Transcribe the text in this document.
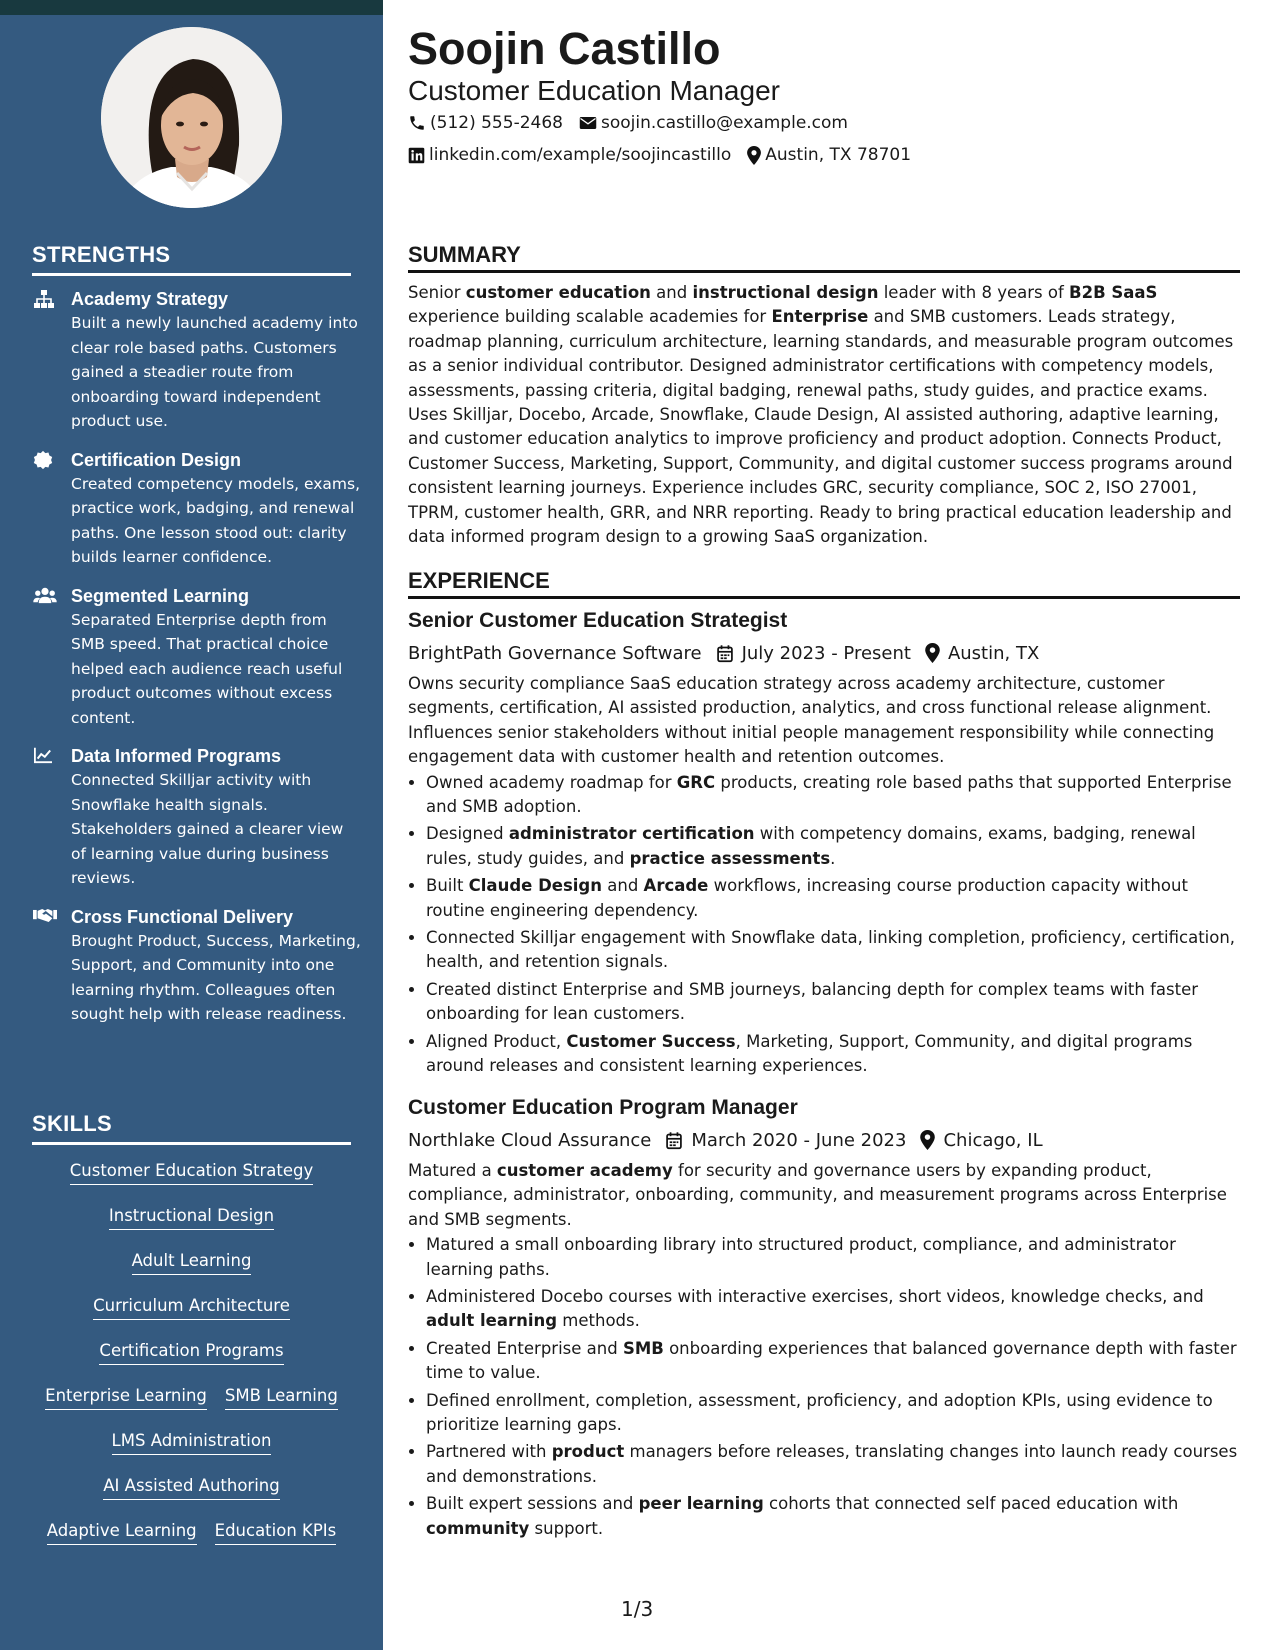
STRENGTHS
Academy Strategy
Built a newly launched academy into clear role based paths. Customers gained a steadier route from onboarding toward independent product use.
Certification Design
Created competency models, exams, practice work, badging, and renewal paths. One lesson stood out: clarity builds learner confidence.
Segmented Learning
Separated Enterprise depth from SMB speed. That practical choice helped each audience reach useful product outcomes without excess content.
Data Informed Programs
Connected Skilljar activity with Snowflake health signals. Stakeholders gained a clearer view of learning value during business reviews.
Cross Functional Delivery
Brought Product, Success, Marketing, Support, and Community into one learning rhythm. Colleagues often sought help with release readiness.
SKILLS
Customer Education Strategy
Instructional Design
Adult Learning
Curriculum Architecture
Certification Programs
Enterprise Learning SMB Learning
LMS Administration
AI Assisted Authoring
Adaptive Learning Education KPIs
Soojin Castillo
Customer Education Manager
(512) 555-2468 soojin.castillo@example.com
linkedin.com/example/soojincastillo Austin, TX 78701
SUMMARY
Senior customer education and instructional design leader with 8 years of B2B SaaS experience building scalable academies for Enterprise and SMB customers. Leads strategy, roadmap planning, curriculum architecture, learning standards, and measurable program outcomes as a senior individual contributor. Designed administrator certifications with competency models, assessments, passing criteria, digital badging, renewal paths, study guides, and practice exams. Uses Skilljar, Docebo, Arcade, Snowflake, Claude Design, AI assisted authoring, adaptive learning, and customer education analytics to improve proficiency and product adoption. Connects Product, Customer Success, Marketing, Support, Community, and digital customer success programs around consistent learning journeys. Experience includes GRC, security compliance, SOC 2, ISO 27001, TPRM, customer health, GRR, and NRR reporting. Ready to bring practical education leadership and data informed program design to a growing SaaS organization.
EXPERIENCE
Senior Customer Education Strategist
BrightPath Governance Software July 2023 - Present Austin, TX
Owns security compliance SaaS education strategy across academy architecture, customer segments, certification, AI assisted production, analytics, and cross functional release alignment. Influences senior stakeholders without initial people management responsibility while connecting engagement data with customer health and retention outcomes.
• Owned academy roadmap for GRC products, creating role based paths that supported Enterprise and SMB adoption.
• Designed administrator certification with competency domains, exams, badging, renewal rules, study guides, and practice assessments.
• Built Claude Design and Arcade workflows, increasing course production capacity without routine engineering dependency.
• Connected Skilljar engagement with Snowflake data, linking completion, proficiency, certification, health, and retention signals.
• Created distinct Enterprise and SMB journeys, balancing depth for complex teams with faster onboarding for lean customers.
• Aligned Product, Customer Success, Marketing, Support, Community, and digital programs around releases and consistent learning experiences.
Customer Education Program Manager
Northlake Cloud Assurance March 2020 - June 2023 Chicago, IL
Matured a customer academy for security and governance users by expanding product, compliance, administrator, onboarding, community, and measurement programs across Enterprise and SMB segments.
• Matured a small onboarding library into structured product, compliance, and administrator learning paths.
• Administered Docebo courses with interactive exercises, short videos, knowledge checks, and adult learning methods.
• Created Enterprise and SMB onboarding experiences that balanced governance depth with faster time to value.
• Defined enrollment, completion, assessment, proficiency, and adoption KPIs, using evidence to prioritize learning gaps.
• Partnered with product managers before releases, translating changes into launch ready courses and demonstrations.
• Built expert sessions and peer learning cohorts that connected self paced education with community support.
1/3
